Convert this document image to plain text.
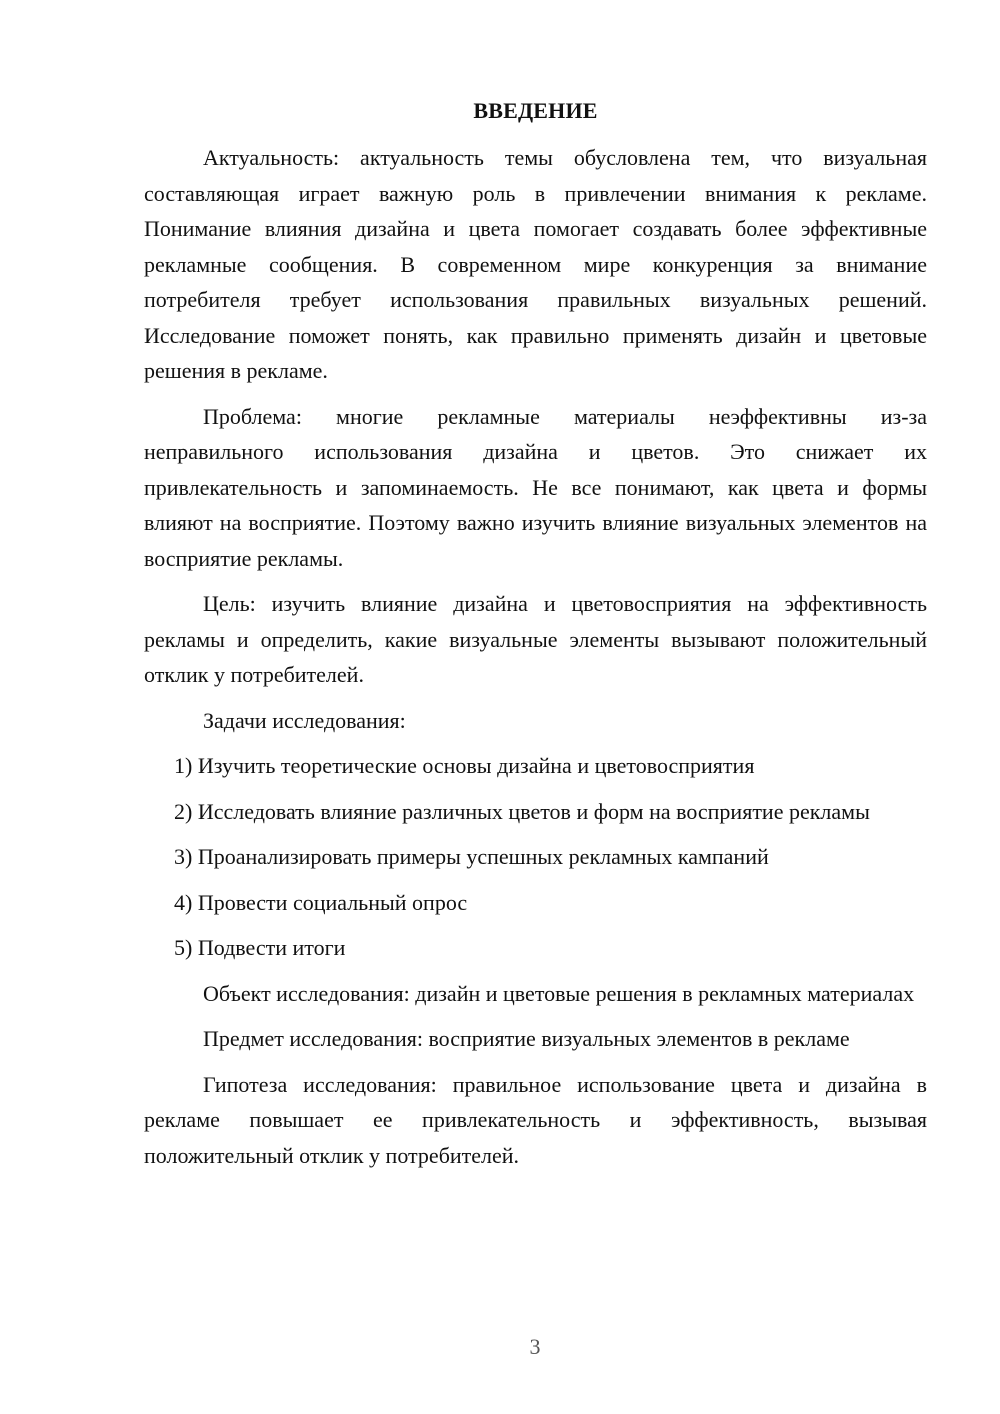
ВВЕДЕНИЕ

Актуальность: актуальность темы обусловлена тем, что визуальная составляющая играет важную роль в привлечении внимания к рекламе. Понимание влияния дизайна и цвета помогает создавать более эффективные рекламные сообщения. В современном мире конкуренция за внимание потребителя требует использования правильных визуальных решений. Исследование поможет понять, как правильно применять дизайн и цветовые решения в рекламе.

Проблема: многие рекламные материалы неэффективны из-за неправильного использования дизайна и цветов. Это снижает их привлекательность и запоминаемость. Не все понимают, как цвета и формы влияют на восприятие. Поэтому важно изучить влияние визуальных элементов на восприятие рекламы.

Цель: изучить влияние дизайна и цветовосприятия на эффективность рекламы и определить, какие визуальные элементы вызывают положительный отклик у потребителей.

Задачи исследования:

1) Изучить теоретические основы дизайна и цветовосприятия

2) Исследовать влияние различных цветов и форм на восприятие рекламы

3) Проанализировать примеры успешных рекламных кампаний

4) Провести социальный опрос

5) Подвести итоги

Объект исследования: дизайн и цветовые решения в рекламных материалах

Предмет исследования: восприятие визуальных элементов в рекламе

Гипотеза исследования: правильное использование цвета и дизайна в рекламе повышает ее привлекательность и эффективность, вызывая положительный отклик у потребителей.

3
